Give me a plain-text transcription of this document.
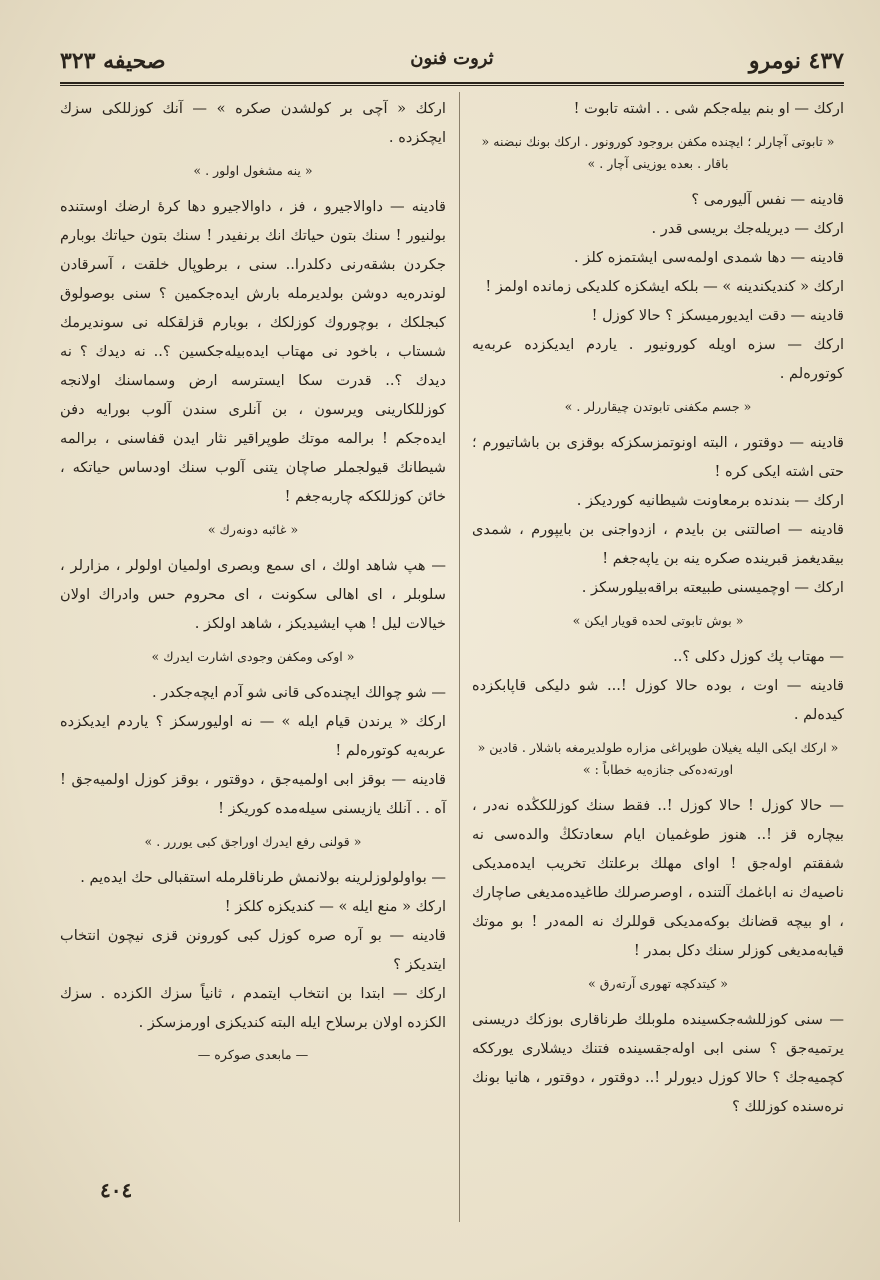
٤٣٧ نومرو
ثروت فنون
صحیفه ٣٢٣

ارکك — او بنم بیلەجکم شی . . اشته تابوت !

« تابوتی آچارلر ؛ ایچنده مکفن بروجود کورونور . ارکك بونك نبضنه « باقار . بعده یوزینی آچار . »

قادینه — نفس آلیورمی ؟

ارکك — دیریلەجك بریسی قدر .

قادینه — دها شمدی اولمەسی ایشتمزه کلز .

ارکك « کندیکندینه » — بلکه ایشکزه کلدیکی زمانده اولمز !

قادینه — دقت ایدیورمیسکز ؟ حالا کوزل !

ارکك — سزه اویله کورونیور . یاردم ایدیکزده عربەیه کوتورەلم .

« جسم مکفنی تابوتدن چیقاررلر . »

قادینه — دوقتور ، البته اونوتمزسکزکه بوقزی بن باشاتیورم ؛ حتی اشته ایکی کره !

ارکك — بندنده برمعاونت شیطانیه کوردیکز .

قادینه — اصالتنی بن بایدم ، ازدواجنی بن بایپورم ، شمدی بیقدیغمز قبرینده صکره ینه بن یاپەجغم !

ارکك — اوچمیسنی طبیعته براقەبیلورسکز .

« بوش تابوتی لحده قویار ایکن »

— مهتاب پك کوزل دکلی ؟..

قادینه — اوت ، بوده حالا کوزل !... شو دلیکی قاپابکزده کیدەلم .

« ارکك ایکی الیله یغیلان طوپراغی مزاره طولدیرمغه باشلار . قادین « اورته‌ده‌کی جنازه‌یه خطاباً : »

— حالا کوزل ! حالا کوزل !.. فقط سنك کوزللکڭده نه‌در ، بیچاره قز !.. هنوز طوغمیان ایام سعادتکڭ والدەسی نه شفقتم اولەجق ! اوای مهلك برعلتك تخریب ایده‌مدیکی ناصیه‌ك نه اباغمك آلتنده ، اوصرصرلك طاغیده‌مدیغی صاچارك ، او بیچه قضانك بوکه‌مدیکی قوللرك نه المەدر ! بو موتك قیابەمدیغی کوزلر سنك دکل بمدر !

« کیتدکچه تهوری آرتەرق »

— سنی کوزللشه‌جکسینده ملوبلك طرناقاری بوزکك دریسنی یرتمیه‌جق ؟ سنی ابی اوله‌جقسینده فتنك دیشلاری یورککه کچمیه‌جك ؟ حالا کوزل دیورلر !.. دوقتور ، دوقتور ، هانیا بونك نرەسنده کوزللك ؟

ارکك « آچی بر کولشدن صکره » — آنك کوزللکی سزك ایچکزده .

« ینه مشغول اولور . »

قادینه — داوالاجیرو ، فز ، داوالاجیرو دها کرهٔ ارضك اوستنده بولنیور ! سنك بتون حیاتك انك برنفیدر ! سنك بتون حیاتك بوبارم جکردن بشقه‌رنی دکلدرا.. سنی ، برطوپال خلقت ، آسرقادن لوندره‌یه دوشن بولدیرمله بارش ایده‌جکمین ؟ سنی بوصولوق کبجلکك ، بوچوروك کوزلکك ، بوبارم قزلقکله نی سوندیرمك شستاب ، باخود نی مهتاب ایده‌بیله‌جکسین ؟.. نه دیدك ؟ نه دیدك ؟.. قدرت سکا ایسترسه ارض وسماسنك اولانجه کوزللکارینی ویرسون ، بن آنلری سندن آلوب بورایه دفن ایده‌جکم ! برالمه موتك طوپراقیر نثار ایدن قفاسنی ، برالمه شیطانك قیولجملر صاچان یتنی آلوب سنك اودساس حیاتکه ، خائن کوزللککه چاربەجغم !

« غائبه دونەرك »

— هپ شاهد اولك ، ای سمع وبصری اولمیان اولولر ، مزارلر ، سلوبلر ، ای اهالی سکونت ، ای محروم حس وادراك اولان خیالات لیل ! هپ ایشیدیکز ، شاهد اولکز .

« اوکی ومکفن وجودی اشارت ایدرك »

— شو چوالك ایچنده‌کی قانی شو آدم ایچه‌جکدر .

ارکك « یرندن قیام ایله » — نه اولیورسکز ؟ یاردم ایدیکزده عربەیه کوتورەلم !

قادینه — بوقز ابی اولمیەجق ، دوقتور ، بوقز کوزل اولمیەجق ! آه . . آنلك یازیسنی سیلەمده کوریکز !

« قولنی رفع ایدرك اوراجق کبی یوررر . »

— بواولولوزلرینه بولانمش طرناقلرمله استقبالی حك ایدەیم .

ارکك « منع ایله » — کندیکزه کلکز !

قادینه — بو آره صره کوزل کبی کورونن قزی نیچون انتخاب ایتدیکز ؟

ارکك — ابتدا بن انتخاب ایتمدم ، ثانیاً سزك الکزده . سزك الکزده اولان برسلاح ایله البته کندیکزی اورمزسکز .

— مابعدی صوکره —

٤٠٤
